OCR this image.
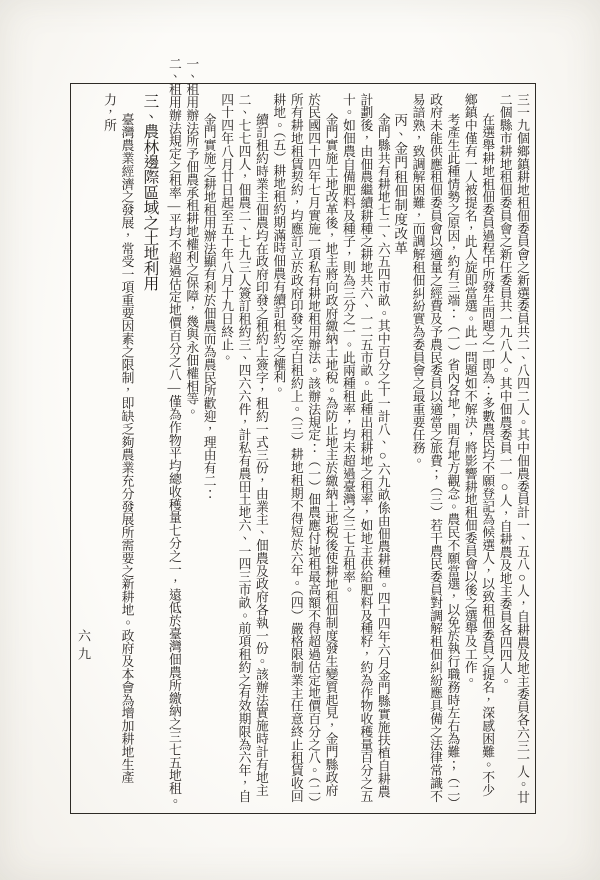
三一九個鄉鎮耕地租佃委員會之新選委員共二、八四二人。其中佃農委員計一、五八○人，自耕農及地主委員各六三一人。廿二個縣市耕地租佃委員會之新任委員共一九八人。其中佃農委員一一○人，自耕農及地主委員各四四人。

在選舉耕地租佃委員過程中所發生問題之一即為：多數農民均不願登記為候選人，以致租佃委員之提名，深感困難。不少鄉鎮中僅有一人被提名，此人旋即當選。此一問題如不解決，將影響耕地租佃委員會以後之選舉及工作。

考產生此種情勢之原因，約有三端：（一）省內各地，間有地方觀念。農民不願當選，以免於執行職務時左右為難；（二）政府未能供應租佃委員會以適量之經費及予農民委員以適當之旅費；（三）若干農民委員對調解租佃糾紛應具備之法律常識不易諳熟，致調解困難，而調解租佃糾紛實為委員會之最重要任務。

丙、金門租佃制度改革

金門縣共有耕地七二、六五四市畝。其中百分之十一計八、○六九畝係由佃農耕種。四十四年六月金門縣實施扶植自耕農計劃後，由佃農繼續耕種之耕地共六、一二五市畝。此種出租耕地之租率，如地主供給肥料及種籽，約為作物收穫量百分之五十。如佃農自備肥料及種子，則為三分之一。此兩種租率，均未超過臺灣之三七五租率。

金門實施土地改革後，地主將向政府繳納土地稅。為防止地主於繳納土地稅後使耕地租佃制度發生變質起見，金門縣政府於民國四十四年七月實施一項私有耕地租用辦法。該辦法規定：（一）佃農應付地租最高額不得超過估定地價百分之八。（二）所有耕地租賃契約，均應訂立於政府印發之空白租約上。（三）耕地租期不得短於六年。（四）嚴格限制業主任意終止租賃收回耕地。（五）耕地租約期滿時佃農有續訂租約之權利。

續訂租約時業主佃農均在政府印發之租約上簽字，租約一式三份，由業主、佃農及政府各執一份。該辦法實施時計有地主二、七七四人，佃農二、七九三人簽訂租約三、四六六件，計私有農田土地六、一四三市畝。前項租約之有效期限為六年，自四十四年八月廿日起至五十年八月十九日終止。

金門實施之耕地租用辦法顯有利於佃農而為農民所歡迎，理由有二：

一、租用辦法所予佃農承租耕地權利之保障，幾與永佃權相等。

二、租用辦法規定之租率—平均不超過估定地價百分之八—僅為作物平均總收穫量七分之一，遠低於臺灣佃農所繳納之三七五地租。

三、農林邊際區域之土地利用

臺灣農業經濟之發展，常受一項重要因素之限制，即缺乏夠農業充分發展所需要之新耕地。政府及本會為增加耕地生產力，所

六九
